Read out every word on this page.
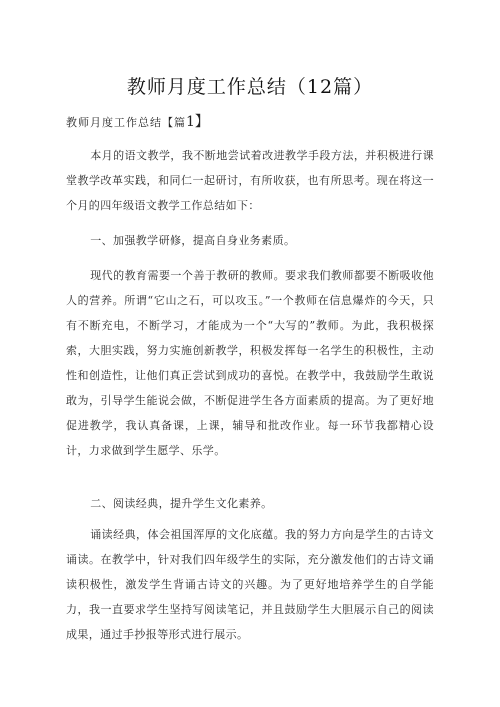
教师月度工作总结（12篇）

教师月度工作总结【篇1】

本月的语文教学，我不断地尝试着改进教学手段方法，并积极进行课堂教学改革实践，和同仁一起研讨，有所收获，也有所思考。现在将这一个月的四年级语文教学工作总结如下：

一、加强教学研修，提高自身业务素质。

现代的教育需要一个善于教研的教师。要求我们教师都要不断吸收他人的营养。所谓“它山之石，可以攻玉。”一个教师在信息爆炸的今天，只有不断充电，不断学习，才能成为一个“大写的”教师。为此，我积极探索，大胆实践，努力实施创新教学，积极发挥每一名学生的积极性，主动性和创造性，让他们真正尝试到成功的喜悦。在教学中，我鼓励学生敢说敢为，引导学生能说会做，不断促进学生各方面素质的提高。为了更好地促进教学，我认真备课，上课，辅导和批改作业。每一环节我都精心设计，力求做到学生愿学、乐学。

二、阅读经典，提升学生文化素养。

诵读经典，体会祖国浑厚的文化底蕴。我的努力方向是学生的古诗文诵读。在教学中，针对我们四年级学生的实际，充分激发他们的古诗文诵读积极性，激发学生背诵古诗文的兴趣。为了更好地培养学生的自学能力，我一直要求学生坚持写阅读笔记，并且鼓励学生大胆展示自己的阅读成果，通过手抄报等形式进行展示。
